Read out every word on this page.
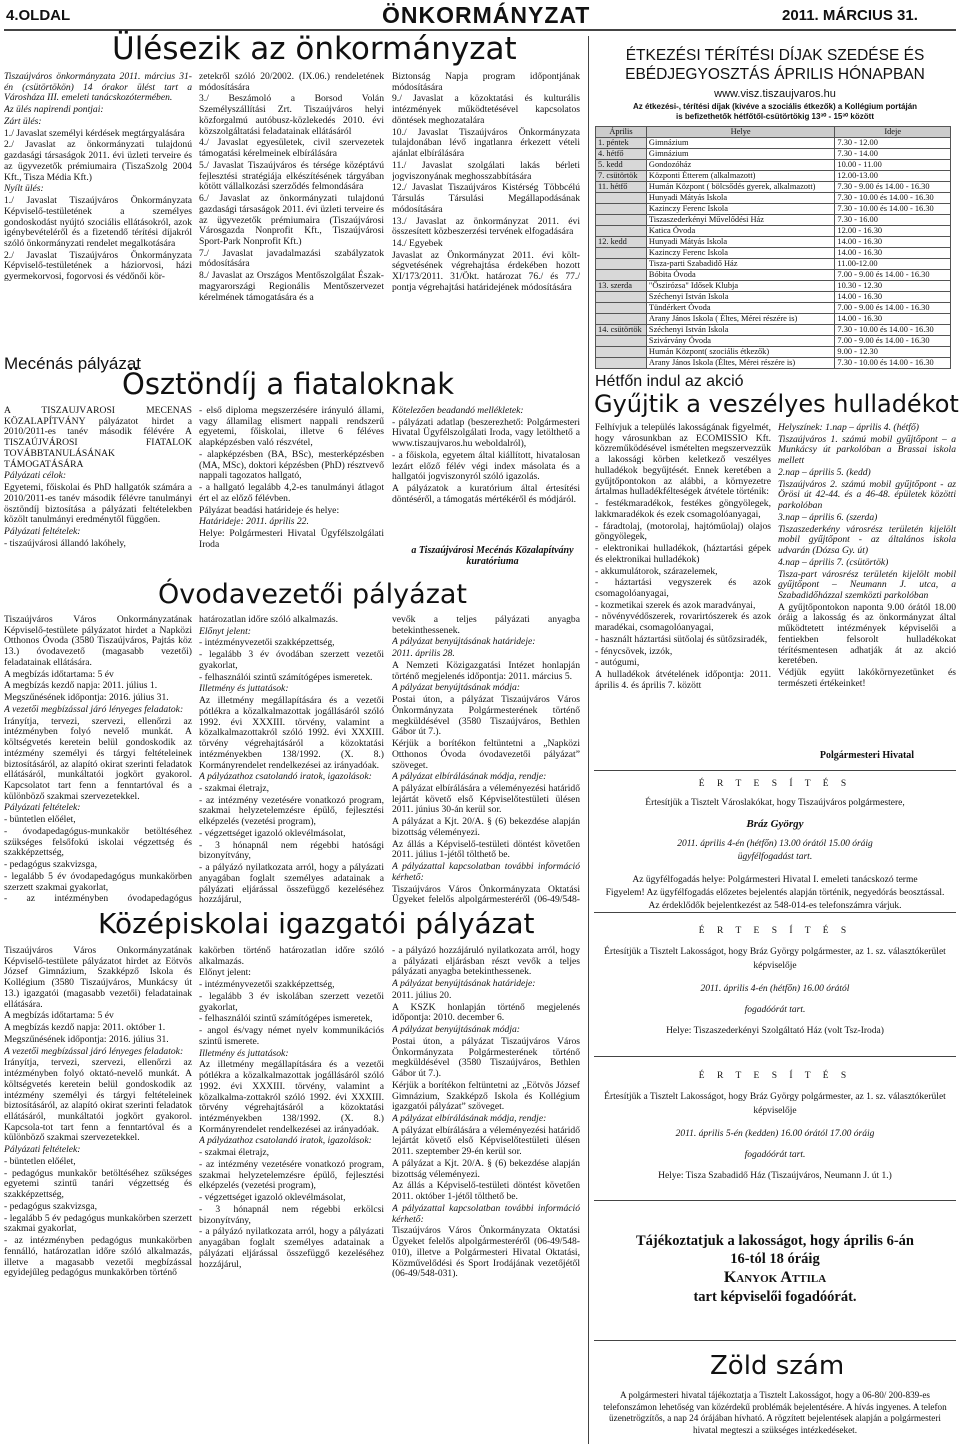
4.OLDAL	ÖNKORMÁNYZAT	2011. MÁRCIUS 31.
Ülésezik az önkormányzat

Tiszaújváros önkormányzata 2011. március 31-én (csütörtökön) 14 órakor ülést tart a Városháza III. emeleti tanácskozótermében.

Az ülés napirendi pontjai:

Zárt ülés:

1./ Javaslat személyi kérdések megtárgyalására

2./ Javaslat az önkormányzati tulajdonú gazdasági társaságok 2011. évi üzleti terveire és az ügyvezetők prémiumaira (TiszaSzolg 2004 Kft., Tisza Média Kft.)

Nyílt ülés:

1./ Javaslat Tiszaújváros Önkormányzata Képviselő-testületének a személyes gondoskodást nyújtó szociális ellátásokról, azok igénybevételéről és a fizetendő térítési díjakról szóló önkormányzati rendelet megalkotására

2./ Javaslat Tiszaújváros Önkormányzata Képviselő-testületének a háziorvosi, házi gyermekorvosi, fogorvosi és védőnői kör-

zetekről szóló 20/2002. (IX.06.) rendeletének módosítására

3./ Beszámoló a Borsod Volán Személyszállítási Zrt. Tiszaújváros helyi közforgalmú autóbusz-közlekedés 2010. évi közszolgáltatási feladatainak ellátásáról

4./ Javaslat egyesületek, civil szervezetek támogatási kérelmeinek elbírálására

5./ Javaslat Tiszaújváros és térsége középtávú fejlesztési stratégiája elkészítésének tárgyában kötött vállalkozási szerződés felmondására

6./ Javaslat az önkormányzati tulajdonú gazdasági társaságok 2011. évi üzleti terveire és az ügyvezetők prémiumaira (Tiszaújvárosi Városgazda Nonprofit Kft., Tiszaújvárosi Sport-Park Nonprofit Kft.)

7./ Javaslat javadalmazási szabályzatok módosítására

8./ Javaslat az Országos Mentőszolgálat Észak-magyarországi Regionális Mentőszervezet kérelmének támogatására és a

Biztonság Napja program időpontjának módosítására

9./ Javaslat a közoktatási és kulturális intézmények működtetésével kapcsolatos döntések meghozatalára

10./ Javaslat Tiszaújváros Önkormányzata tulajdonában lévő ingatlanra érkezett vételi ajánlat elbírálására

11./ Javaslat szolgálati lakás bérleti jogviszonyának meghosszabbítására

12./ Javaslat Tiszaújváros Kistérség Többcélú Társulás Társulási Megállapodásának módosítására

13./ Javaslat az önkormányzat 2011. évi összesített közbeszerzési tervének elfogadására

14./ Egyebek

Javaslat az Önkormányzat 2011. évi költségvetésének végrehajtása érdekében hozott XI/173/2011. 31/Ökt. határozat 76./ és 77./ pontja végrehajtási határidejének módosítására

Mecénás pályázat
Ösztöndíj a fiataloknak

A TISZAÚJVÁROSI MECÉNÁS KÖZALAPÍTVÁNY pályázatot hirdet a 2010/2011-es tanév második félévére A TISZAÚJVÁROSI FIATALOK TOVÁBBTANULÁSÁNAK TÁMOGATÁSÁRA

Pályázati célok:

Egyetemi, főiskolai és PhD hallgatók számára a 2010/2011-es tanév második félévre tanulmányi ösztöndíj biztosítása a pályázati feltételekben közölt tanulmányi eredménytől függően.

Pályázati feltételek:

- tiszaújvárosi állandó lakóhely,

- első diploma megszerzésére irányuló állami, vagy államilag elismert nappali rendszerű egyetemi, főiskolai, illetve 6 féléves alapképzésben való részvétel,

- alapképzésben (BA, BSc), mesterképzésben (MA, MSc), doktori képzésben (PhD) résztvevő nappali tagozatos hallgató,

- a hallgató legalább 4,2-es tanulmányi átlagot ért el az előző félévben.

Pályázat beadási határideje és helye:

Határideje: 2011. április 22.

Helye: Polgármesteri Hivatal Ügyfélszolgálati Iroda

Kötelezően beadandó mellékletek:

- pályázati adatlap (beszerezhető: Polgármesteri Hivatal Ügyfélszolgálati Iroda, vagy letölthető a www.tiszaujvaros.hu weboldalról),

- a főiskola, egyetem által kiállított, hivatalosan lezárt előző félév végi index másolata és a hallgatói jogviszonyról szóló igazolás.

A pályázatok a kuratórium által értesítési döntéséről, a támogatás mértékéről és módjáról.

a Tiszaújvárosi Mecénás Közalapítvány kuratóriuma
Óvodavezetői pályázat

Tiszaújváros Város Önkormányzatának Képviselő-testülete pályázatot hirdet a Napközi Otthonos Óvoda (3580 Tiszaújváros, Pajtás köz 13.) óvodavezető (magasabb vezetői) feladatainak ellátására.

A megbízás időtartama: 5 év

A megbízás kezdő napja: 2011. július 1.

Megszűnésének időpontja: 2016. július 31.

A vezetői megbízással járó lényeges feladatok:

Irányítja, tervezi, szervezi, ellenőrzi az intézményben folyó nevelő munkát. A költségvetés keretein belül gondoskodik az intézmény személyi és tárgyi feltételeinek biztosításáról, az alapító okirat szerinti feladatok ellátásáról, munkáltatói jogkört gyakorol. Kapcsolatot tart fenn a fenntartóval és a különböző szakmai szervezetekkel.

Pályázati feltételek:

- büntetlen előélet,

- óvodapedagógus-munkakör betöltéséhez szükséges felsőfokú iskolai végzettség és szakképzettség,

- pedagógus szakvizsga,

- legalább 5 év óvodapedagógus munkakörben szerzett szakmai gyakorlat,

- az intézményben óvodapedagógus

határozatlan időre szóló alkalmazás.

Előnyt jelent:

- intézményvezetői szakképzettség,

- legalább 3 év óvodában szerzett vezetői gyakorlat,

- felhasználói szintű számítógépes ismeretek.

Illetmény és juttatások:

Az illetmény megállapítására és a vezetői pótlékra a közalkalmazottak jogállásáról szóló 1992. évi XXXIII. törvény, valamint a közalkalmazottakról szóló 1992. évi XXXIII. törvény végrehajtásáról a közoktatási intézményekben 138/1992. (X. 8.) Kormányrendelet rendelkezései az irányadóak.

A pályázathoz csatolandó iratok, igazolások:

- szakmai életrajz,

- az intézmény vezetésére vonatkozó program, szakmai helyzetelemzésre épülő, fejlesztési elképzelés (vezetési program),

- végzettséget igazoló oklevélmásolat,

- 3 hónapnál nem régebbi hatósági bizonyítvány,

- a pályázó nyilatkozata arról, hogy a pályázati anyagában foglalt személyes adatainak a pályázati eljárással összefüggő kezeléséhez hozzájárul,

vevők a teljes pályázati anyagba betekinthessenek.

A pályázat benyújtásának határideje:

2011. április 28.

A Nemzeti Közigazgatási Intézet honlapján történő megjelenés időpontja: 2011. március 5.

A pályázat benyújtásának módja:

Postai úton, a pályázat Tiszaújváros Város Önkormányzata Polgármesterének történő megküldésével (3580 Tiszaújváros, Bethlen Gábor út 7.).

Kérjük a borítékon feltüntetni a „Napközi Otthonos Óvoda óvodavezetői pályázat” szöveget.

A pályázat elbírálásának módja, rendje:

A pályázat elbírálására a véleményezési határidő lejártát követő első Képviselőtestületi ülésen 2011. június 30-án kerül sor.

A pályázat a Kjt. 20/A. § (6) bekezdése alapján bizottság véleményezi.

Az állás a Képviselő-testületi döntést követően 2011. július 1-jétől tölthető be.

A pályázattal kapcsolatban további információ kérhető:

Tiszaújváros Város Önkormányzata Oktatási Ügyeket felelős alpolgármesteréről (06-49/548-

Középiskolai igazgatói pályázat

Tiszaújváros Város Önkormányzatának Képviselő-testülete pályázatot hirdet az Eötvös József Gimnázium, Szakképző Iskola és Kollégium (3580 Tiszaújváros, Munkácsy út 13.) igazgatói (magasabb vezetői) feladatainak ellátására.

A megbízás időtartama: 5 év

A megbízás kezdő napja: 2011. október 1.

Megszűnésének időpontja: 2016. július 31.

A vezetői megbízással járó lényeges feladatok:

Irányítja, tervezi, szervezi, ellenőrzi az intézményben folyó oktató-nevelő munkát. A költségvetés keretein belül gondoskodik az intézmény személyi és tárgyi feltételeinek biztosításáról, az alapító okirat szerinti feladatok ellátásáról, munkáltatói jogkört gyakorol. Kapcsola-tot tart fenn a fenntartóval és a különböző szakmai szervezetekkel.

Pályázati feltételek:

- büntetlen előélet,

- pedagógus munkakör betöltéséhez szükséges egyetemi szintű tanári végzettség és szakképzettség,

- pedagógus szakvizsga,

- legalább 5 év pedagógus munkakörben szerzett szakmai gyakorlat,

- az intézményben pedagógus munkakörben fennálló, határozatlan időre szóló alkalmazás, illetve a magasabb vezetői megbízással egyidejűleg pedagógus munkakörben történő

kakörben történő határozatlan időre szóló alkalmazás.

Előnyt jelent:

- intézményvezetői szakképzettség,

- legalább 3 év iskolában szerzett vezetői gyakorlat,

- felhasználói szintű számítógépes ismeretek,

- angol és/vagy német nyelv kommunikációs szintű ismerete.

Illetmény és juttatások:

Az illetmény megállapítására és a vezetői pótlékra a közalkalmazottak jogállásáról szóló 1992. évi XXXIII. törvény, valamint a közalkalma-zottakról szóló 1992. évi XXXIII. törvény végrehajtásáról a közoktatási intézményekben 138/1992. (X. 8.) Kormányrendelet rendelkezései az irányadóak.

A pályázathoz csatolandó iratok, igazolások:

- szakmai életrajz,

- az intézmény vezetésére vonatkozó program, szakmai helyzetelemzésre épülő, fejlesztési elképzelés (vezetési program),

- végzettséget igazoló oklevélmásolat,

- 3 hónapnál nem régebbi erkölcsi bizonyítvány,

- a pályázó nyilatkozata arról, hogy a pályázati anyagában foglalt személyes adatainak a pályázati eljárással összefüggő kezeléséhez hozzájárul,

- a pályázó hozzájáruló nyilatkozata arról, hogy a pályázati eljárásban részt vevők a teljes pályázati anyagba betekinthessenek.

A pályázat benyújtásának határideje:

2011. július 20.

A KSZK honlapján történő megjelenés időpontja: 2010. december 6.

A pályázat benyújtásának módja:

Postai úton, a pályázat Tiszaújváros Város Önkormányzata Polgármesterének történő megküldésével (3580 Tiszaújváros, Bethlen Gábor út 7.).

Kérjük a borítékon feltüntetni az „Eötvös József Gimnázium, Szakképző Iskola és Kollégium igazgatói pályázat” szöveget.

A pályázat elbírálásának módja, rendje:

A pályázat elbírálására a véleményezési határidő lejártát követő első Képviselőtestületi ülésen 2011. szeptember 29-én kerül sor.

A pályázat a Kjt. 20/A. § (6) bekezdése alapján bizottság véleményezi.

Az állás a Képviselő-testületi döntést követően 2011. október 1-jétől tölthető be.

A pályázattal kapcsolatban további információ kérhető:

Tiszaújváros Város Önkormányzata Oktatási Ügyeket felelős alpolgármesteréről (06-49/548-010), illetve a Polgármesteri Hivatal Oktatási, Közművelődési és Sport Irodájának vezetőjétől (06-49/548-031).

ÉTKEZÉSI TÉRÍTÉSI DÍJAK SZEDÉSE ÉS
EBÉDJEGYOSZTÁS ÁPRILIS HÓNAPBAN
www.visz.tiszaujvaros.hu
Az étkezési-, térítési díjak (kivéve a szociális étkezők) a Kollégium portáján
is befizethetők hétfőtől-csütörtökig 13³⁰ - 15³⁰ között
Április	Helye	Ideje
1. péntek	Gimnázium	7.30 - 12.00
4. hétfő	Gimnázium	7.30 - 14.00
5. kedd	Gondozóház	10.00 - 11.00
7. csütörtök	Központi Étterem (alkalmazott)	12.00-13.00
11. hétfő	Humán Központ ( bölcsődés gyerek, alkalmazott)	7.30 - 9.00 és 14.00 - 16.30
	Hunyadi Mátyás Iskola	7.30 - 10.00 és 14.00 - 16.30
	Kazinczy Ferenc Iskola	7.30 - 10.00 és 14.00 - 16.30
	Tiszaszederkényi Művelődési Ház	7.30 - 16.00
	Katica Óvoda	12.00 - 16.30
12. kedd	Hunyadi Mátyás Iskola	14.00 - 16.30
	Kazinczy Ferenc Iskola	14.00 - 16.30
	Tisza-parti Szabadidő Ház	11.00-12.00
	Bóbita Óvoda	7.00 - 9.00 és 14.00 - 16.30
13. szerda	"Őszirózsa" Idősek Klubja	10.30 - 12.30
	Széchenyi István Iskola	14.00 - 16.30
	Tündérkert Óvoda	7.00 - 9.00 és 14.00 - 16.30
	Arany János Iskola ( Éltes, Mérei részére is)	14.00 - 16.30
14. csütörtök	Széchenyi István Iskola	7.30 - 10.00 és 14.00 - 16.30
	Szivárvány Óvoda	7.00 - 9.00 és 14.00 - 16.30
	Humán Központ( szociális étkezők)	9.00 - 12.30
	Arany János Iskola (Éltes, Mérei részére is)	7.30 - 10.00 és 14.00 - 16.30
Hétfőn indul az akció
Gyűjtik a veszélyes hulladékot

Felhívjuk a település lakosságának figyelmét, hogy városunkban az ECOMISSIO Kft. közreműködésével ismételten megszervezzük a lakossági körben keletkező veszélyes hulladékok begyűjtését. Ennek keretében a gyűjtőpontokon az alábbi, a környezetre ártalmas hulladékfélteségek átvétele történik:

- festékmaradékok, festékes göngyölegek, lakkmaradékok és ezek csomagolóanyagai,

- fáradtolaj, (motorolaj, hajtóműolaj) olajos göngyölegek,

- elektronikai hulladékok, (háztartási gépek és elektronikai hulladékok)

- akkumulátorok, szárazelemek,

- háztartási vegyszerek és azok csomagolóanyagai,

- kozmetikai szerek és azok maradványai,

- növényvédőszerek, rovarirtószerek és azok maradékai, csomagolóanyagai,

- használt háztartási sütőolaj és sütőzsiradék,

- fénycsövek, izzók,

- autógumi,

A hulladékok átvételének időpontja: 2011. április 4. és április 7. között

Helyszínek: 1.nap – április 4. (hétfő)

Tiszaújváros 1. számú mobil gyűjtőpont – a Munkácsy út parkolóban a Brassai iskola mellett

2.nap – április 5. (kedd)

Tiszaújváros 2. számú mobil gyűjtőpont - az Örösi út 42-44. és a 46-48. épületek közötti parkolóban

3.nap – április 6. (szerda)

Tiszaszederkény városrész területén kijelölt mobil gyűjtőpont - az általános iskola udvarán (Dózsa Gy. út)

4.nap – április 7. (csütörtök)

Tisza-part városrész területén kijelölt mobil gyűjtőpont – Neumann J. utca, a Szabadidőházzal szemközti parkolóban

A gyűjtőpontokon naponta 9.00 órától 18.00 óráig a lakosság és az önkormányzat által működtetett intézmények képviselői a fentiekben felsorolt hulladékokat térítésmentesen adhatják át az akció keretében.

Védjük együtt lakókörnyezetünket és természeti értékeinket!

Polgármesteri Hivatal
É R T E S Í T É S
Értesítjük a Tisztelt Városlakókat, hogy Tiszaújváros polgármestere,
Bráz György
2011. április 4-én (hétfőn) 13.00 órától 15.00 óráig
ügyfélfogadást tart.
Az ügyfélfogadás helye: Polgármesteri Hivatal I. emeleti tanácskozó terme
Figyelem! Az ügyfélfogadás előzetes bejelentés alapján történik, negyedórás beosztással.
Az érdeklődők bejelentkezést az 548-014-es telefonszámra várjuk.
É R T E S Í T É S
Értesítjük a Tisztelt Lakosságot, hogy Bráz György polgármester, az 1. sz. választókerület képviselője
2011. április 4-én (hétfőn) 16.00 órától
fogadóórát tart.
Helye: Tiszaszederkényi Szolgáltató Ház (volt Tsz-Iroda)
É R T E S Í T É S
Értesítjük a Tisztelt Lakosságot, hogy Bráz György polgármester, az 1. sz. választókerület képviselője
2011. április 5-én (kedden) 16.00 órától 17.00 óráig
fogadóórát tart.
Helye: Tisza Szabadidő Ház (Tiszaújváros, Neumann J. út 1.)
Tájékoztatjuk a lakosságot, hogy április 6-án
16-tól 18 óráig
Kanyok Attila
tart képviselői fogadóórát.
Zöld szám
A polgármesteri hivatal tájékoztatja a Tisztelt Lakosságot, hogy a 06-80/ 200-839-es telefonszámon lehetőség van közérdekű problémák bejelentésére. A hívás ingyenes. A telefon üzenetrögzítős, a nap 24 órájában hívható. A rögzített bejelentések alapján a polgármesteri hivatal megteszi a szükséges intézkedéseket.
